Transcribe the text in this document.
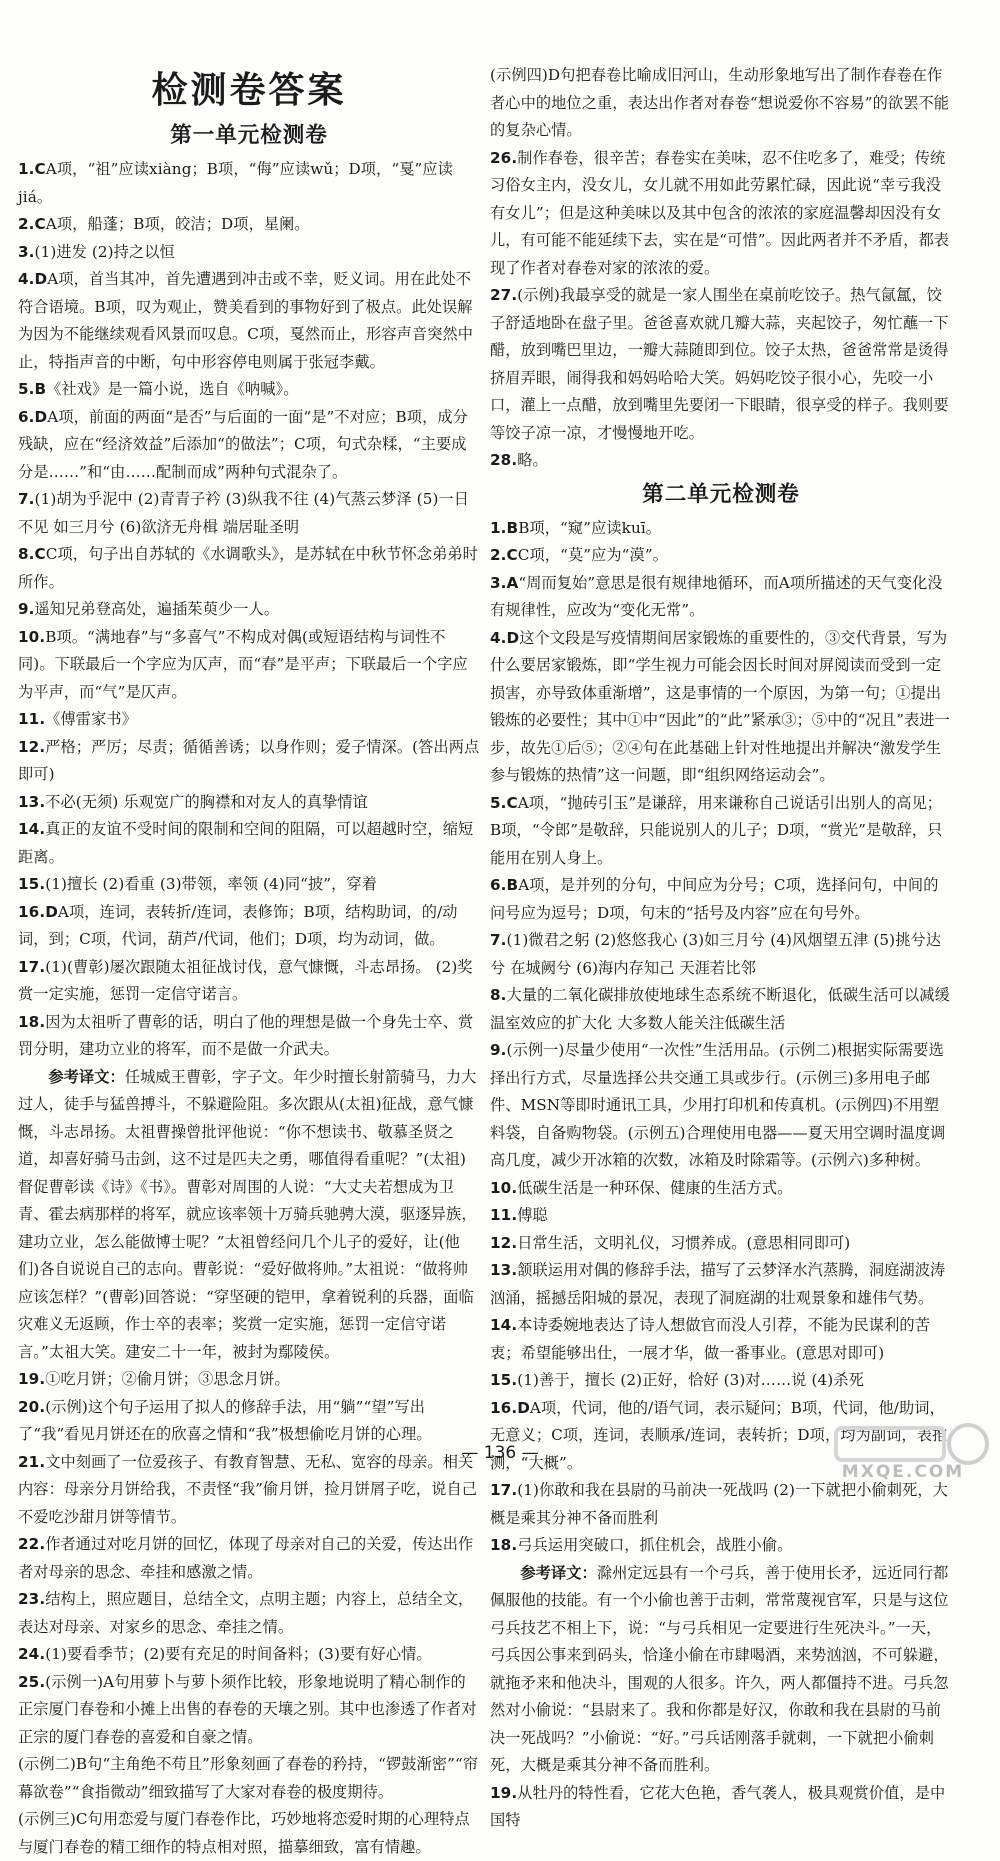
检测卷答案
第一单元检测卷

1.CA项，“祖”应读xiàng；B项，“侮”应读wǔ；D项，“戛”应读jiá。

2.CA项，船蓬；B项，皎洁；D项，星阑。

3.(1)进发 (2)持之以恒

4.DA项，首当其冲，首先遭遇到冲击或不幸，贬义词。用在此处不符合语境。B项，叹为观止，赞美看到的事物好到了极点。此处误解为因为不能继续观看风景而叹息。C项，戛然而止，形容声音突然中止，特指声音的中断，句中形容停电则属于张冠李戴。

5.B《社戏》是一篇小说，选自《呐喊》。

6.DA项，前面的两面“是否”与后面的一面“是”不对应；B项，成分残缺，应在“经济效益”后添加“的做法”；C项，句式杂糅，“主要成分是……”和“由……配制而成”两种句式混杂了。

7.(1)胡为乎泥中 (2)青青子衿 (3)纵我不往 (4)气蒸云梦泽 (5)一日不见 如三月兮 (6)欲济无舟楫 端居耻圣明

8.CC项，句子出自苏轼的《水调歌头》，是苏轼在中秋节怀念弟弟时所作。

9.遥知兄弟登高处，遍插茱萸少一人。

10.B项。“满地春”与“多喜气”不构成对偶(或短语结构与词性不同)。下联最后一个字应为仄声，而“春”是平声；下联最后一个字应为平声，而“气”是仄声。

11.《傅雷家书》

12.严格；严厉；尽责；循循善诱；以身作则；爱子情深。(答出两点即可)

13.不必(无须) 乐观宽广的胸襟和对友人的真挚情谊

14.真正的友谊不受时间的限制和空间的阻隔，可以超越时空，缩短距离。

15.(1)擅长 (2)看重 (3)带领，率领 (4)同“披”，穿着

16.DA项，连词，表转折/连词，表修饰；B项，结构助词，的/动词，到；C项，代词，葫芦/代词，他们；D项，均为动词，做。

17.(1)(曹彰)屡次跟随太祖征战讨伐，意气慷慨，斗志昂扬。 (2)奖赏一定实施，惩罚一定信守诺言。

18.因为太祖听了曹彰的话，明白了他的理想是做一个身先士卒、赏罚分明，建功立业的将军，而不是做一介武夫。

参考译文：任城威王曹彰，字子文。年少时擅长射箭骑马，力大过人，徒手与猛兽搏斗，不躲避险阻。多次跟从(太祖)征战，意气慷慨，斗志昂扬。太祖曹操曾批评他说：“你不想读书、敬慕圣贤之道，却喜好骑马击剑，这不过是匹夫之勇，哪值得看重呢？”(太祖)督促曹彰读《诗》《书》。曹彰对周围的人说：“大丈夫若想成为卫青、霍去病那样的将军，就应该率领十万骑兵驰骋大漠，驱逐异族，建功立业，怎么能做博士呢？”太祖曾经问几个儿子的爱好，让(他们)各自说说自己的志向。曹彰说：“爱好做将帅。”太祖说：“做将帅应该怎样？”(曹彰)回答说：“穿坚硬的铠甲，拿着锐利的兵器，面临灾难义无返顾，作士卒的表率；奖赏一定实施，惩罚一定信守诺言。”太祖大笑。建安二十一年，被封为鄢陵侯。

19.①吃月饼；②偷月饼；③思念月饼。

20.(示例)这个句子运用了拟人的修辞手法，用“躺”“望”写出了“我”看见月饼还在的欣喜之情和“我”极想偷吃月饼的心理。

21.文中刻画了一位爱孩子、有教育智慧、无私、宽容的母亲。相关内容：母亲分月饼给我，不责怪“我”偷月饼，捡月饼屑子吃，说自己不爱吃沙甜月饼等情节。

22.作者通过对吃月饼的回忆，体现了母亲对自己的关爱，传达出作者对母亲的思念、牵挂和感激之情。

23.结构上，照应题目，总结全文，点明主题；内容上，总结全文，表达对母亲、对家乡的思念、牵挂之情。

24.(1)要看季节；(2)要有充足的时间备料；(3)要有好心情。

25.(示例一)A句用萝卜与萝卜须作比较，形象地说明了精心制作的正宗厦门春卷和小摊上出售的春卷的天壤之别。其中也渗透了作者对正宗的厦门春卷的喜爱和自豪之情。

(示例二)B句“主角绝不苟且”形象刻画了春卷的矜持，“锣鼓渐密”“帘幕欲卷”“食指微动”细致描写了大家对春卷的极度期待。

(示例三)C句用恋爱与厦门春卷作比，巧妙地将恋爱时期的心理特点与厦门春卷的精工细作的特点相对照，描摹细致，富有情趣。

(示例四)D句把春卷比喻成旧河山，生动形象地写出了制作春卷在作者心中的地位之重，表达出作者对春卷“想说爱你不容易”的欲罢不能的复杂心情。

26.制作春卷，很辛苦；春卷实在美味，忍不住吃多了，难受；传统习俗女主内，没女儿，女儿就不用如此劳累忙碌，因此说“幸亏我没有女儿”；但是这种美味以及其中包含的浓浓的家庭温馨却因没有女儿，有可能不能延续下去，实在是“可惜”。因此两者并不矛盾，都表现了作者对春卷对家的浓浓的爱。

27.(示例)我最享受的就是一家人围坐在桌前吃饺子。热气氤氲，饺子舒适地卧在盘子里。爸爸喜欢就几瓣大蒜，夹起饺子，匆忙蘸一下醋，放到嘴巴里边，一瓣大蒜随即到位。饺子太热，爸爸常常是烫得挤眉弄眼，闹得我和妈妈哈哈大笑。妈妈吃饺子很小心，先咬一小口，灌上一点醋，放到嘴里先要闭一下眼睛，很享受的样子。我则要等饺子凉一凉，才慢慢地开吃。

28.略。

第二单元检测卷

1.BB项，“窥”应读kuī。

2.CC项，“莫”应为“漠”。

3.A“周而复始”意思是很有规律地循环，而A项所描述的天气变化没有规律性，应改为“变化无常”。

4.D这个文段是写疫情期间居家锻炼的重要性的，③交代背景，写为什么要居家锻炼，即“学生视力可能会因长时间对屏阅读而受到一定损害，亦导致体重渐增”，这是事情的一个原因，为第一句；①提出锻炼的必要性；其中①中“因此”的“此”紧承③；⑤中的“况且”表进一步，故先①后⑤；②④句在此基础上针对性地提出并解决“激发学生参与锻炼的热情”这一问题，即“组织网络运动会”。

5.CA项，“抛砖引玉”是谦辞，用来谦称自己说话引出别人的高见；B项，“令郎”是敬辞，只能说别人的儿子；D项，“赏光”是敬辞，只能用在别人身上。

6.BA项，是并列的分句，中间应为分号；C项，选择问句，中间的问号应为逗号；D项，句末的“括号及内容”应在句号外。

7.(1)微君之躬 (2)悠悠我心 (3)如三月兮 (4)风烟望五津 (5)挑兮达兮 在城阙兮 (6)海内存知己 天涯若比邻

8.大量的二氧化碳排放使地球生态系统不断退化，低碳生活可以减缓温室效应的扩大化 大多数人能关注低碳生活

9.(示例一)尽量少使用“一次性”生活用品。(示例二)根据实际需要选择出行方式，尽量选择公共交通工具或步行。(示例三)多用电子邮件、MSN等即时通讯工具，少用打印机和传真机。(示例四)不用塑料袋，自备购物袋。(示例五)合理使用电器——夏天用空调时温度调高几度，减少开冰箱的次数，冰箱及时除霜等。(示例六)多种树。

10.低碳生活是一种环保、健康的生活方式。

11.傅聪

12.日常生活，文明礼仪，习惯养成。(意思相同即可)

13.颔联运用对偶的修辞手法，描写了云梦泽水汽蒸腾，洞庭湖波涛汹涌，摇撼岳阳城的景况，表现了洞庭湖的壮观景象和雄伟气势。

14.本诗委婉地表达了诗人想做官而没人引荐，不能为民谋利的苦衷；希望能够出仕，一展才华，做一番事业。(意思对即可)

15.(1)善于，擅长 (2)正好，恰好 (3)对……说 (4)杀死

16.DA项，代词，他的/语气词，表示疑问；B项，代词，他/助词，无意义；C项，连词，表顺承/连词，表转折；D项，均为副词，表推测，“大概”。

17.(1)你敢和我在县尉的马前决一死战吗 (2)一下就把小偷刺死，大概是乘其分神不备而胜利

18.弓兵运用突破口，抓住机会，战胜小偷。

参考译文：滁州定远县有一个弓兵，善于使用长矛，远近同行都佩服他的技能。有一个小偷也善于击刺，常常蔑视官军，只是与这位弓兵技艺不相上下，说：“与弓兵相见一定要进行生死决斗。”一天，弓兵因公事来到码头，恰逢小偷在市肆喝酒，来势汹汹，不可躲避，就拖矛来和他决斗，围观的人很多。许久，两人都僵持不进。弓兵忽然对小偷说：“县尉来了。我和你都是好汉，你敢和我在县尉的马前决一死战吗？”小偷说：“好。”弓兵话刚落手就刺，一下就把小偷刺死，大概是乘其分神不备而胜利。

19.从牡丹的特性看，它花大色艳，香气袭人，极具观赏价值，是中国特

— 136 —
MXQE.COM
